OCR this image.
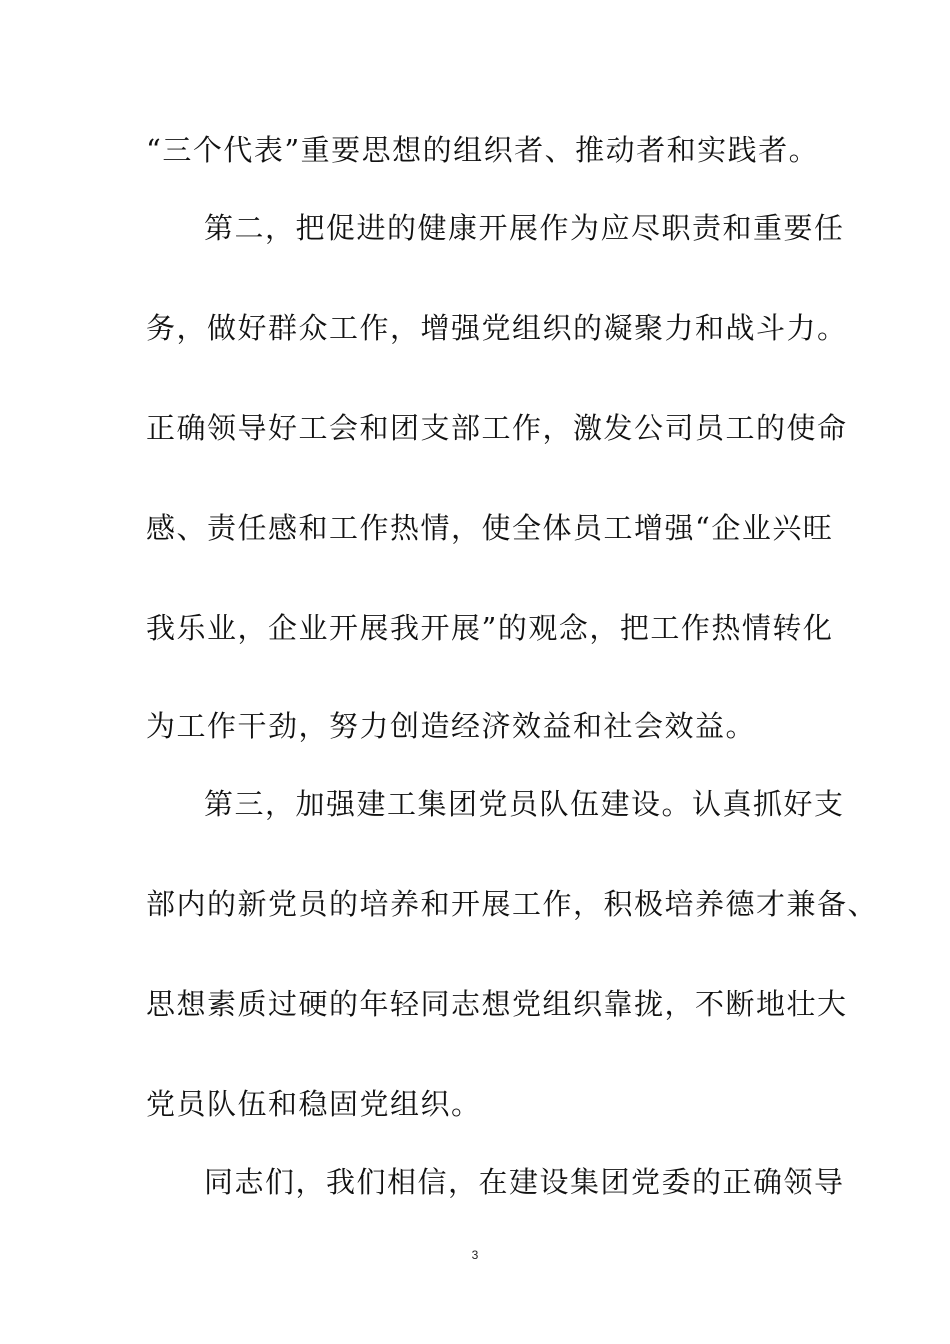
“三个代表”重要思想的组织者、推动者和实践者。
第二，把促进的健康开展作为应尽职责和重要任
务，做好群众工作，增强党组织的凝聚力和战斗力。
正确领导好工会和团支部工作，激发公司员工的使命
感、责任感和工作热情，使全体员工增强“企业兴旺
我乐业，企业开展我开展”的观念，把工作热情转化
为工作干劲，努力创造经济效益和社会效益。
第三，加强建工集团党员队伍建设。认真抓好支
部内的新党员的培养和开展工作，积极培养德才兼备、
思想素质过硬的年轻同志想党组织靠拢，不断地壮大
党员队伍和稳固党组织。
同志们，我们相信，在建设集团党委的正确领导
3
